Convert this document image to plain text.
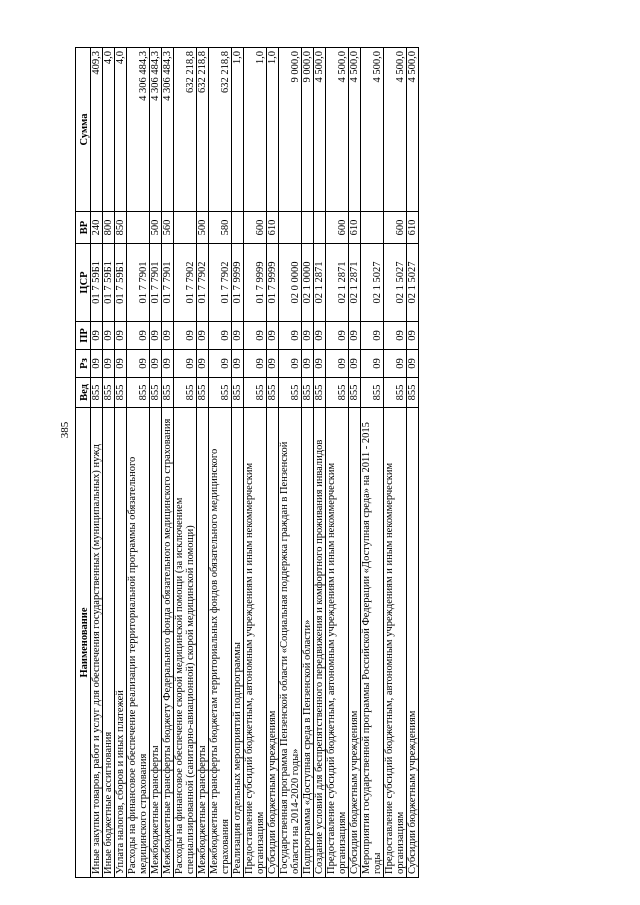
385
Наименование	Вед	Рз	ПР	ЦСР	ВР	Сумма
Иные закупки товаров, работ и услуг для обеспечения государственных (муниципальных) нужд	855	09	09	01 7 59Б1	240	409,3
Иные бюджетные ассигнования	855	09	09	01 7 59Б1	800	4,0
Уплата налогов, сборов и иных платежей	855	09	09	01 7 59Б1	850	4,0
Расходы на финансовое обеспечение реализации территориальной программы обязательного медицинского страхования	855	09	09	01 7 7901		4 306 484,3
Межбюджетные трансферты	855	09	09	01 7 7901	500	4 306 484,3
Межбюджетные трансферты бюджету Федерального фонда обязательного медицинского страхования	855	09	09	01 7 7901	560	4 306 484,3
Расходы на финансовое обеспечение скорой медицинской помощи (за исключением специализированной (санитарно-авиационной) скорой медицинской помощи)	855	09	09	01 7 7902		632 218,8
Межбюджетные трансферты	855	09	09	01 7 7902	500	632 218,8
Межбюджетные трансферты бюджетам территориальных фондов обязательного медицинского страхования	855	09	09	01 7 7902	580	632 218,8
Реализация отдельных мероприятий подпрограммы	855	09	09	01 7 9999		1,0
Предоставление субсидий бюджетным, автономным учреждениям и иным некоммерческим организациям	855	09	09	01 7 9999	600	1,0
Субсидии бюджетным учреждениям	855	09	09	01 7 9999	610	1,0
Государственная программа Пензенской области «Социальная поддержка граждан в Пензенской области на 2014-2020 годы»	855	09	09	02 0 0000		9 000,0
Подпрограмма «Доступная среда в Пензенской области»	855	09	09	02 1 0000		9 000,0
Создание условий для беспрепятственного передвижения и комфортного проживания инвалидов	855	09	09	02 1 2871		4 500,0
Предоставление субсидий бюджетным, автономным учреждениям и иным некоммерческим организациям	855	09	09	02 1 2871	600	4 500,0
Субсидии бюджетным учреждениям	855	09	09	02 1 2871	610	4 500,0
Мероприятия государственной программы Российской Федерации «Доступная среда» на 2011 - 2015 годы	855	09	09	02 1 5027		4 500,0
Предоставление субсидий бюджетным, автономным учреждениям и иным некоммерческим организациям	855	09	09	02 1 5027	600	4 500,0
Субсидии бюджетным учреждениям	855	09	09	02 1 5027	610	4 500,0
